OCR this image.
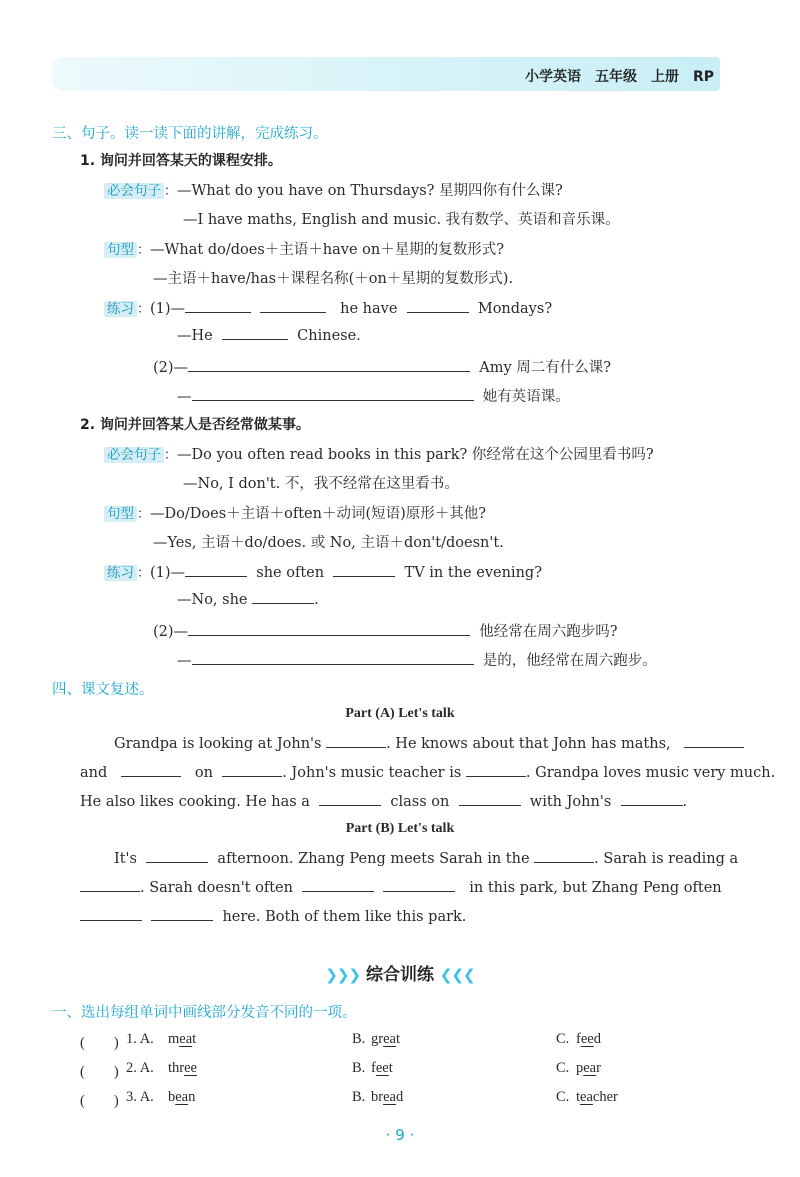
小学英语　五年级　上册　RP
三、句子。读一读下面的讲解，完成练习。
1. 询问并回答某天的课程安排。
必会句子 ：—What do you have on Thursdays? 星期四你有什么课?
—I have maths, English and music. 我有数学、英语和音乐课。
句型 ：—What do/does＋主语＋have on＋星期的复数形式?
—主语＋have/has＋课程名称(＋on＋星期的复数形式).
练习 ：(1)—	he have	Mondays?
—He	Chinese.
(2)—	Amy 周二有什么课?
—	她有英语课。
2. 询问并回答某人是否经常做某事。
必会句子 ：—Do you often read books in this park? 你经常在这个公园里看书吗?
—No, I don't. 不，我不经常在这里看书。
句型 ：—Do/Does＋主语＋often＋动词(短语)原形＋其他?
—Yes, 主语＋do/does. 或 No, 主语＋don't/doesn't.
练习 ：(1)—	she often	TV in the evening?
—No, she	.
(2)—	他经常在周六跑步吗?
—	是的，他经常在周六跑步。
四、课文复述。
Part (A) Let's talk
Grandpa is looking at John's	. He knows about that John has maths,
and	on	. John's music teacher is	. Grandpa loves music very much.
He also likes cooking. He has a	class on	with John's	.
Part (B) Let's talk
It's	afternoon. Zhang Peng meets Sarah in the	. Sarah is reading a
. Sarah doesn't often	in this park, but Zhang Peng often
here. Both of them like this park.
❯❯❯ 综合训练 ❮❮❮
一、选出每组单词中画线部分发音不同的一项。
(　　) 1. A. meat	B. great	C. feed
(　　) 2. A. three	B. feet	C. pear
(　　) 3. A. bean	B. bread	C. teacher
· 9 ·
